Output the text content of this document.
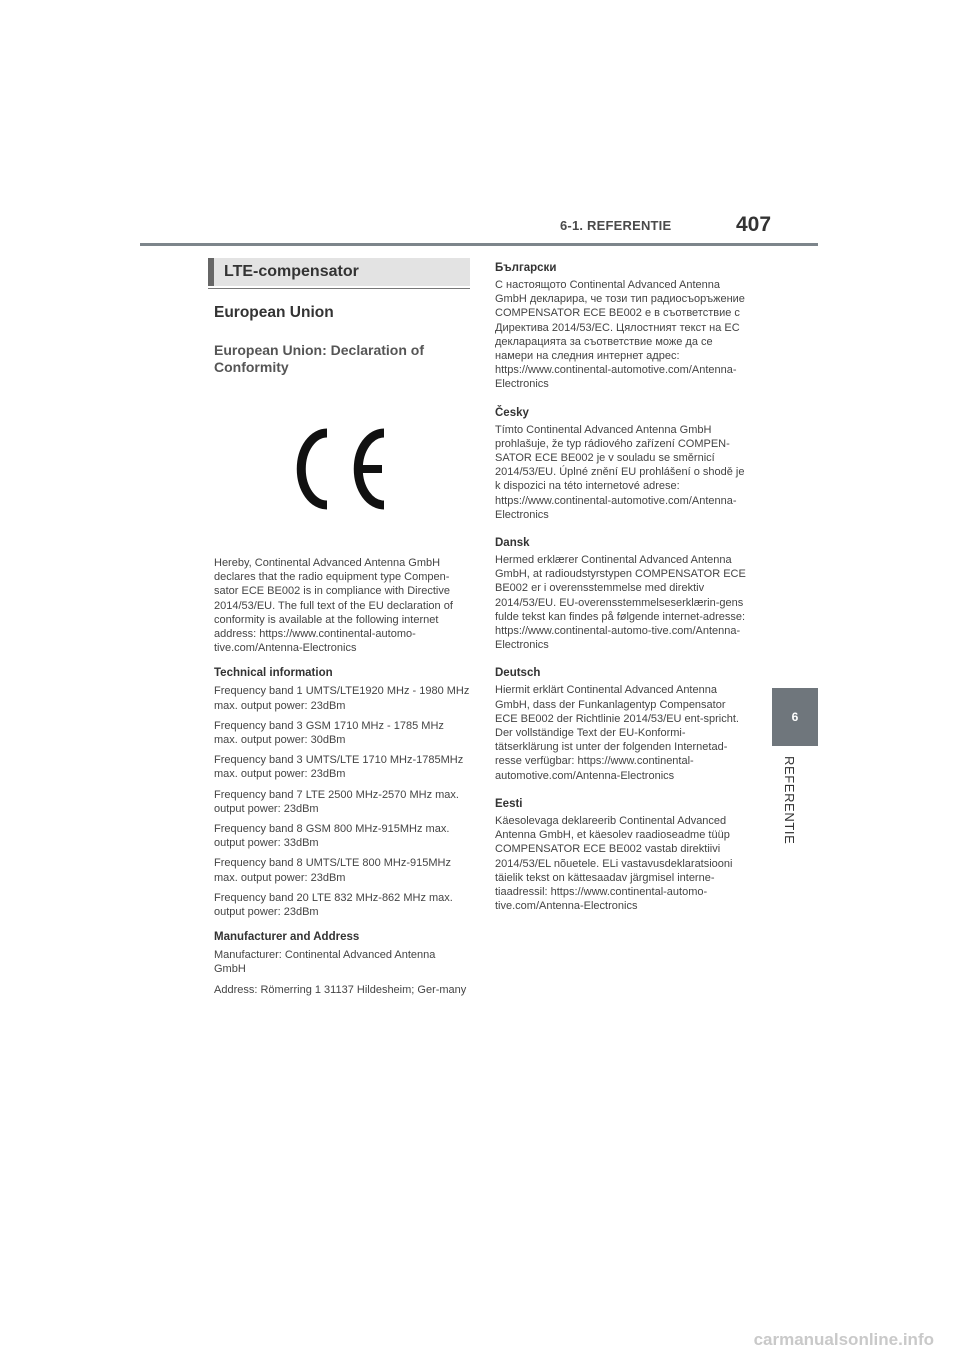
6-1. REFERENTIE	407
6
REFERENTIE
LTE-compensator
European Union
European Union: Declaration of Conformity

Hereby, Continental Advanced Antenna GmbH declares that the radio equipment type Compen-sator ECE BE002 is in compliance with Directive 2014/53/EU. The full text of the EU declaration of conformity is available at the following internet address: https://www.continental-automo-tive.com/Antenna-Electronics

Technical information

Frequency band 1 UMTS/LTE1920 MHz - 1980 MHz max. output power: 23dBm

Frequency band 3 GSM 1710 MHz - 1785 MHz max. output power: 30dBm

Frequency band 3 UMTS/LTE 1710 MHz-1785MHz max. output power: 23dBm

Frequency band 7 LTE 2500 MHz-2570 MHz max. output power: 23dBm

Frequency band 8 GSM 800 MHz-915MHz max. output power: 33dBm

Frequency band 8 UMTS/LTE 800 MHz-915MHz max. output power: 23dBm

Frequency band 20 LTE 832 MHz-862 MHz max. output power: 23dBm

Manufacturer and Address

Manufacturer: Continental Advanced Antenna GmbH

Address: Römerring 1 31137 Hildesheim; Ger-many

Български

С настоящото Continental Advanced Antenna GmbH декларира, че този тип радиосъоръжение COMPENSATOR ECE BE002 е в съответствие с Директива 2014/53/ЕС. Цялостният текст на ЕС декларацията за съответствие може да се намери на следния интернет адрес: https://www.continental-automotive.com/Antenna-Electronics

Česky

Tímto Continental Advanced Antenna GmbH prohlašuje, že typ rádiového zařízení COMPEN-SATOR ECE BE002 je v souladu se směrnicí 2014/53/EU. Úplné znění EU prohlášení o shodě je k dispozici na této internetové adrese: https://www.continental-automotive.com/Antenna-Electronics

Dansk

Hermed erklærer Continental Advanced Antenna GmbH, at radioudstyrstypen COMPENSATOR ECE BE002 er i overensstemmelse med direktiv 2014/53/EU. EU-overensstemmelseserklærin-gens fulde tekst kan findes på følgende internet-adresse: https://www.continental-automo-tive.com/Antenna-Electronics

Deutsch

Hiermit erklärt Continental Advanced Antenna GmbH, dass der Funkanlagentyp Compensator ECE BE002 der Richtlinie 2014/53/EU ent-spricht. Der vollständige Text der EU-Konformi-tätserklärung ist unter der folgenden Internetad-resse verfügbar: https://www.continental-automotive.com/Antenna-Electronics

Eesti

Käesolevaga deklareerib Continental Advanced Antenna GmbH, et käesolev raadioseadme tüüp COMPENSATOR ECE BE002 vastab direktiivi 2014/53/EL nõuetele. ELi vastavusdeklaratsiooni täielik tekst on kättesaadav järgmisel interne-tiaadressil: https://www.continental-automo-tive.com/Antenna-Electronics

carmanualsonline.info
